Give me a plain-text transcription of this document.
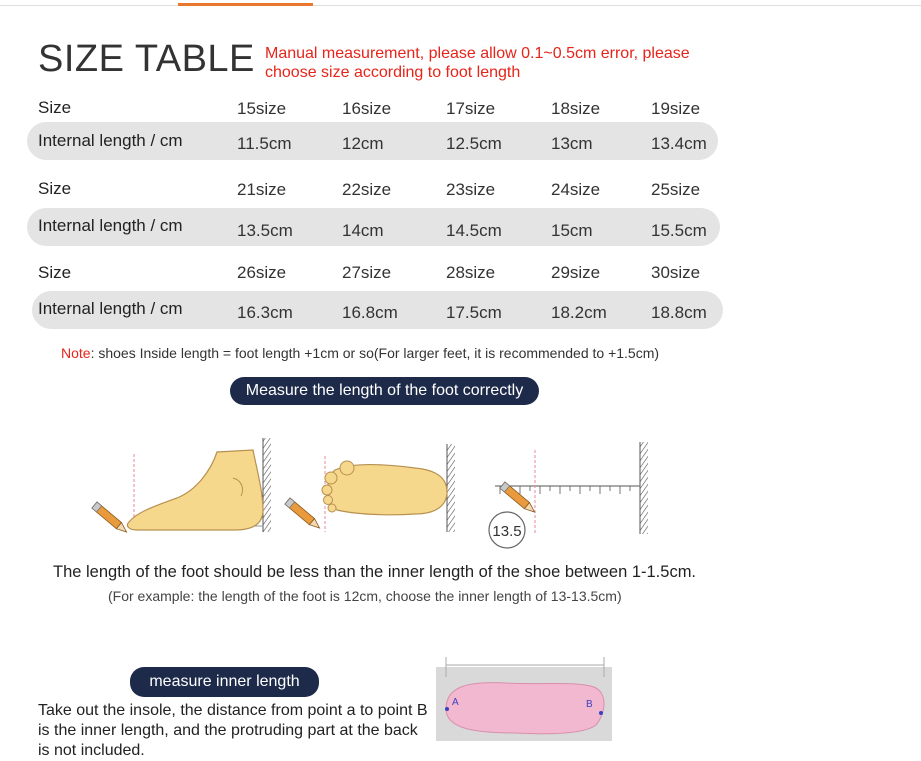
SIZE TABLE Manual measurement, please allow 0.1~0.5cm error, please choose size according to foot length
Size	15size	16size	17size	18size	19size
Internal length / cm	11.5cm	12cm	12.5cm	13cm	13.4cm
Size	21size	22size	23size	24size	25size
Internal length / cm	13.5cm	14cm	14.5cm	15cm	15.5cm
Size	26size	27size	28size	29size	30size
Internal length / cm	16.3cm	16.8cm	17.5cm	18.2cm	18.8cm
Note: shoes Inside length = foot length +1cm or so(For larger feet, it is recommended to +1.5cm)
Measure the length of the foot correctly
13.5
The length of the foot should be less than the inner length of the shoe between 1-1.5cm.
(For example: the length of the foot is 12cm, choose the inner length of 13-13.5cm)
measure inner length
Take out the insole, the distance from point a to point B is the inner length, and the protruding part at the back is not included.
A	B
